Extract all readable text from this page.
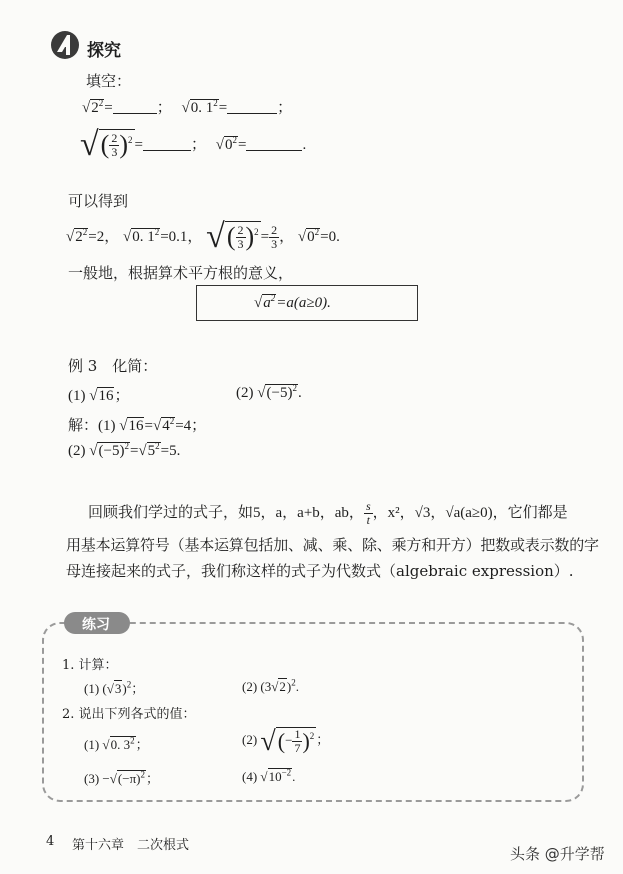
探究
填空：
$√2^2=$	； √0. $1^2=$	；
√( $\frac{2}{3} )^2$ =	； $√0^2=$	.
可以得到
$√2^2=2$， √0. $1^2=0.1$， √( $\frac{2}{3} )^2 = \frac{2}{3}$ ， $√0^2=0$.
一般地，根据算术平方根的意义，
$√a^2=a(a\ge 0)$.
例 3　化简：
(1) √16；	(2) $√(-5)^2$.
解：(1) $√16=√4^2=4$；
(2) $√(-5)^2=√5^2=5$.
回顾我们学过的式子，如5，a，a+b，ab， $\frac{s}{t}$ ，x²，√3，√a(a≥0)，它们都是
用基本运算符号（基本运算包括加、减、乘、除、乘方和开方）把数或表示数的字
母连接起来的式子，我们称这样的式子为代数式（algebraic expression）.
练习
1. 计算：
(1) $(√3)^2$；	(2) $(3√2)^2$.
2. 说出下列各式的值：
(1) √0. $3^2$；	(2) √(− $\frac{1}{7} )^2$ ；
$(3) -√(-\pi)^2$；	(4) $√10^{-2}$.
4 第十六章　二次根式	头条 @升学帮
